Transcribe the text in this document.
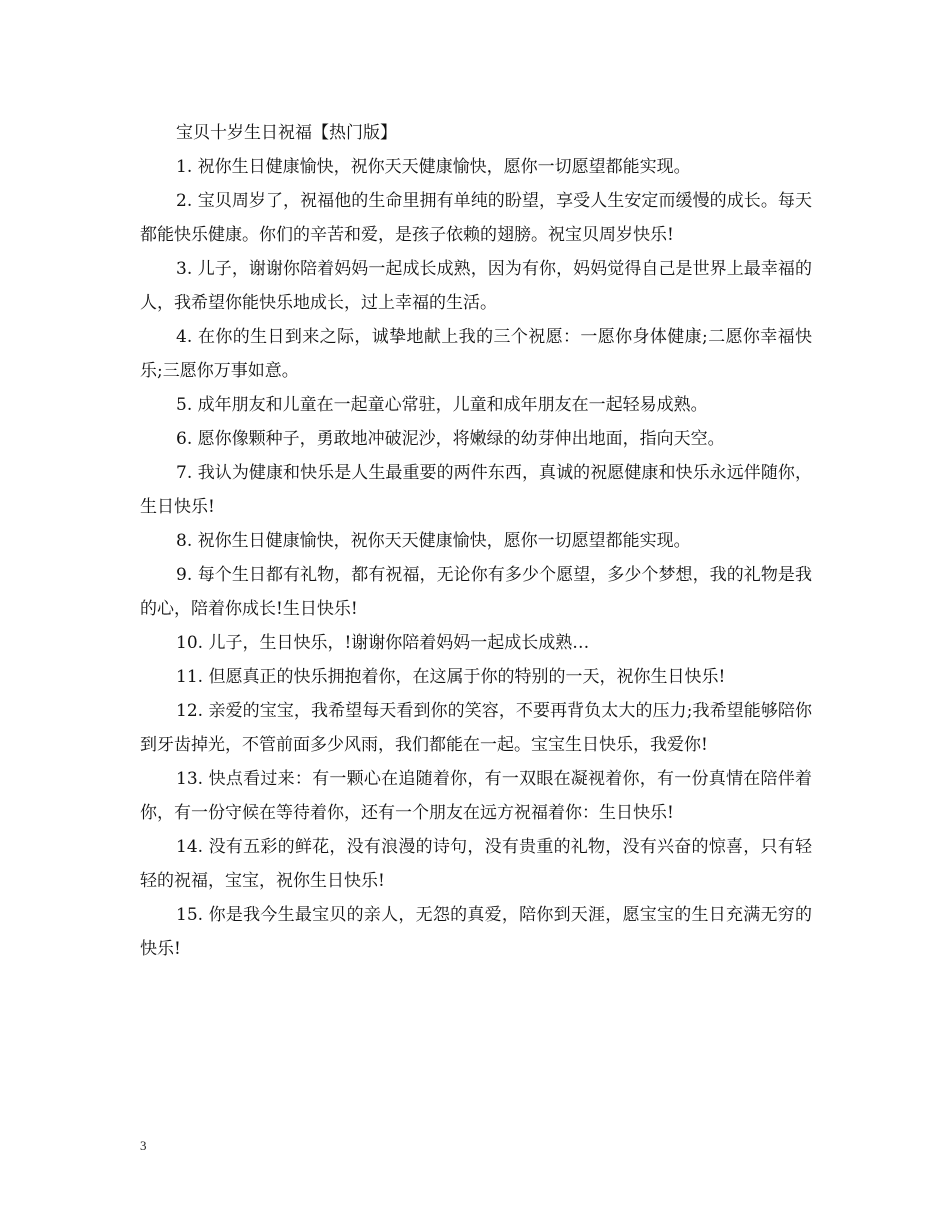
宝贝十岁生日祝福【热门版】

1. 祝你生日健康愉快，祝你天天健康愉快，愿你一切愿望都能实现。

2. 宝贝周岁了，祝福他的生命里拥有单纯的盼望，享受人生安定而缓慢的成长。每天都能快乐健康。你们的辛苦和爱，是孩子依赖的翅膀。祝宝贝周岁快乐!

3. 儿子，谢谢你陪着妈妈一起成长成熟，因为有你，妈妈觉得自己是世界上最幸福的人，我希望你能快乐地成长，过上幸福的生活。

4. 在你的生日到来之际，诚挚地献上我的三个祝愿：一愿你身体健康;二愿你幸福快乐;三愿你万事如意。

5. 成年朋友和儿童在一起童心常驻，儿童和成年朋友在一起轻易成熟。

6. 愿你像颗种子，勇敢地冲破泥沙，将嫩绿的幼芽伸出地面，指向天空。

7. 我认为健康和快乐是人生最重要的两件东西，真诚的祝愿健康和快乐永远伴随你，生日快乐!

8. 祝你生日健康愉快，祝你天天健康愉快，愿你一切愿望都能实现。

9. 每个生日都有礼物，都有祝福，无论你有多少个愿望，多少个梦想，我的礼物是我的心，陪着你成长!生日快乐!

10. 儿子，生日快乐，!谢谢你陪着妈妈一起成长成熟…

11. 但愿真正的快乐拥抱着你，在这属于你的特别的一天，祝你生日快乐!

12. 亲爱的宝宝，我希望每天看到你的笑容，不要再背负太大的压力;我希望能够陪你到牙齿掉光，不管前面多少风雨，我们都能在一起。宝宝生日快乐，我爱你!

13. 快点看过来：有一颗心在追随着你，有一双眼在凝视着你，有一份真情在陪伴着你，有一份守候在等待着你，还有一个朋友在远方祝福着你：生日快乐!

14. 没有五彩的鲜花，没有浪漫的诗句，没有贵重的礼物，没有兴奋的惊喜，只有轻轻的祝福，宝宝，祝你生日快乐!

15. 你是我今生最宝贝的亲人，无怨的真爱，陪你到天涯，愿宝宝的生日充满无穷的快乐!

3
